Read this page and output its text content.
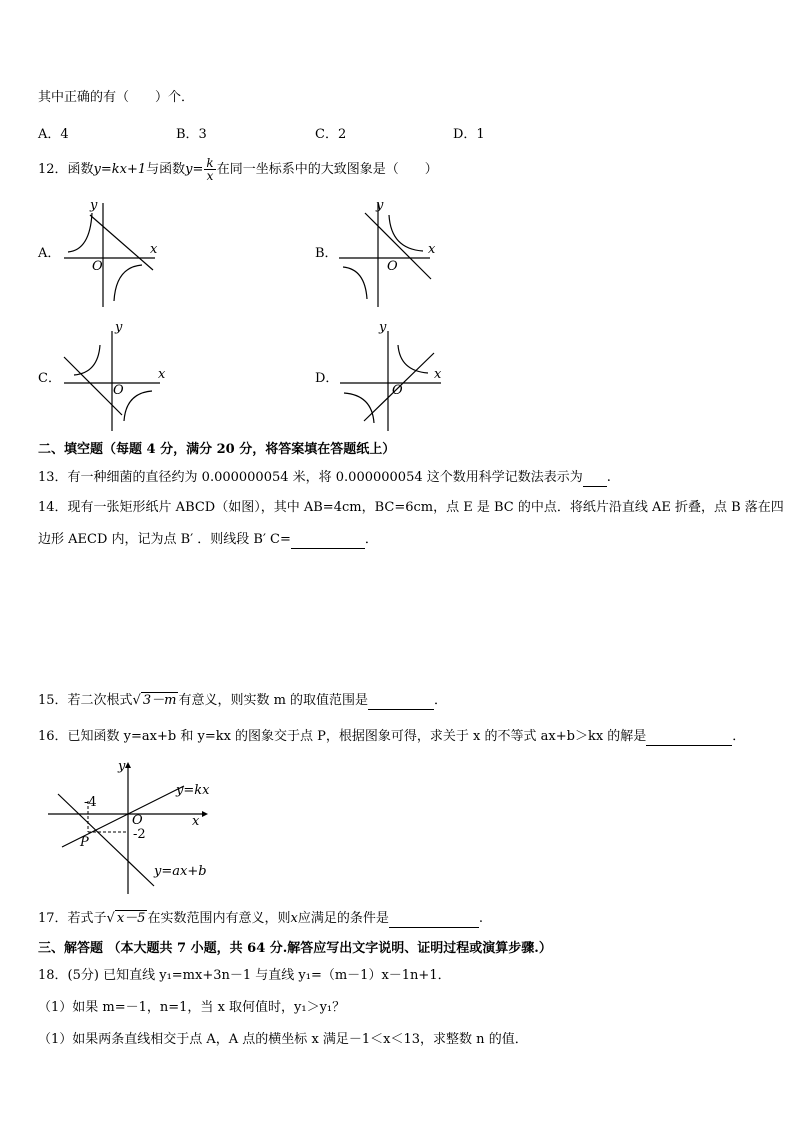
其中正确的有（　　）个．
A．4	B．3	C．2	D．1
12．函数y=kx+1与函数$y= \frac{k}{x}$ 在同一坐标系中的大致图象是（　　）
A．
y
x
O
B．
y
x
O
C．
y
x
O
D．
y
x
O
二、填空题（每题 4 分，满分 20 分，将答案填在答题纸上）
13．有一种细菌的直径约为 0.000000054 米，将 0.000000054 这个数用科学记数法表示为 .
14．现有一张矩形纸片 ABCD（如图），其中 AB=4cm，BC=6cm，点 E 是 BC 的中点．将纸片沿直线 AE 折叠，点 B 落在四
边形 AECD 内，记为点 B′ ．则线段 B′ C=	．
15．若二次根式√ 3－m 有意义，则实数 m 的取值范围是	．
16．已知函数 y=ax+b 和 y=kx 的图象交于点 P，根据图象可得，求关于 x 的不等式 ax+b＞kx 的解是	．
y
x
O
y=kx
y=ax+b
P
-4
-2
17．若式子√ x－5 在实数范围内有意义，则x应满足的条件是	.
三、解答题 （本大题共 7 小题，共 64 分.解答应写出文字说明、证明过程或演算步骤.）
18．(5分) 已知直线 y₁=mx+3n－1 与直线 y₁=（m－1）x－1n+1．
（1）如果 m=－1，n=1，当 x 取何值时，y₁＞y₁？
（1）如果两条直线相交于点 A，A 点的横坐标 x 满足－1＜x＜13，求整数 n 的值．
